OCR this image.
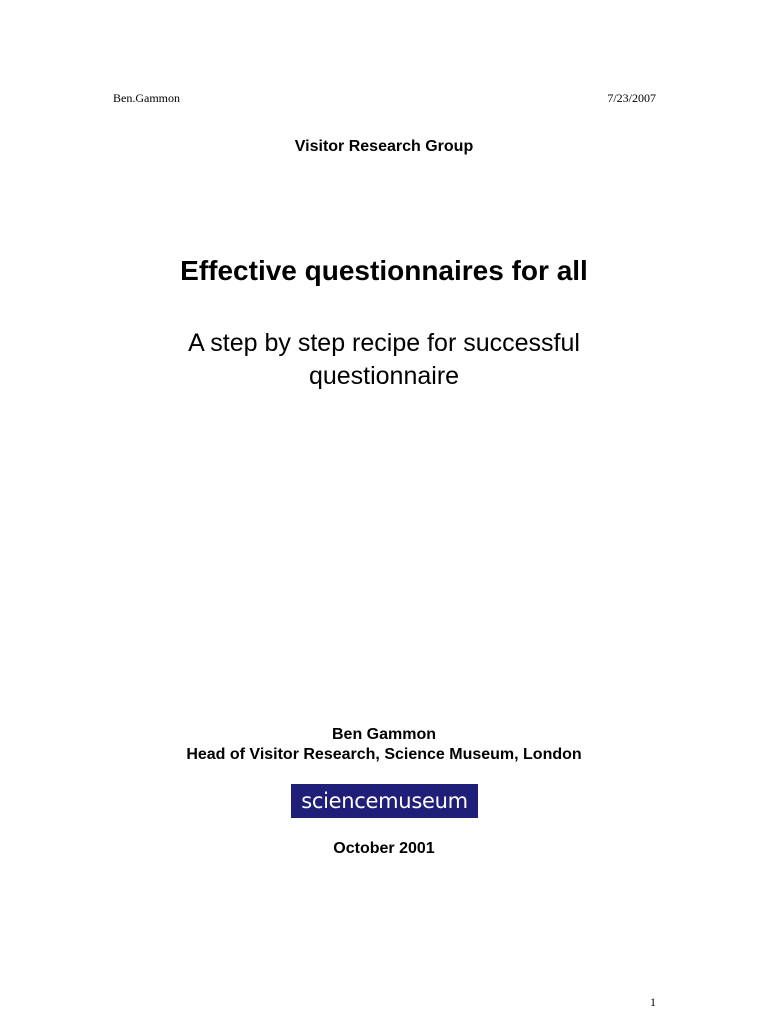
Ben.Gammon	7/23/2007
Visitor Research Group
Effective questionnaires for all
A step by step recipe for successful
questionnaire
Ben Gammon
Head of Visitor Research, Science Museum, London
sciencemuseum
October 2001
1
